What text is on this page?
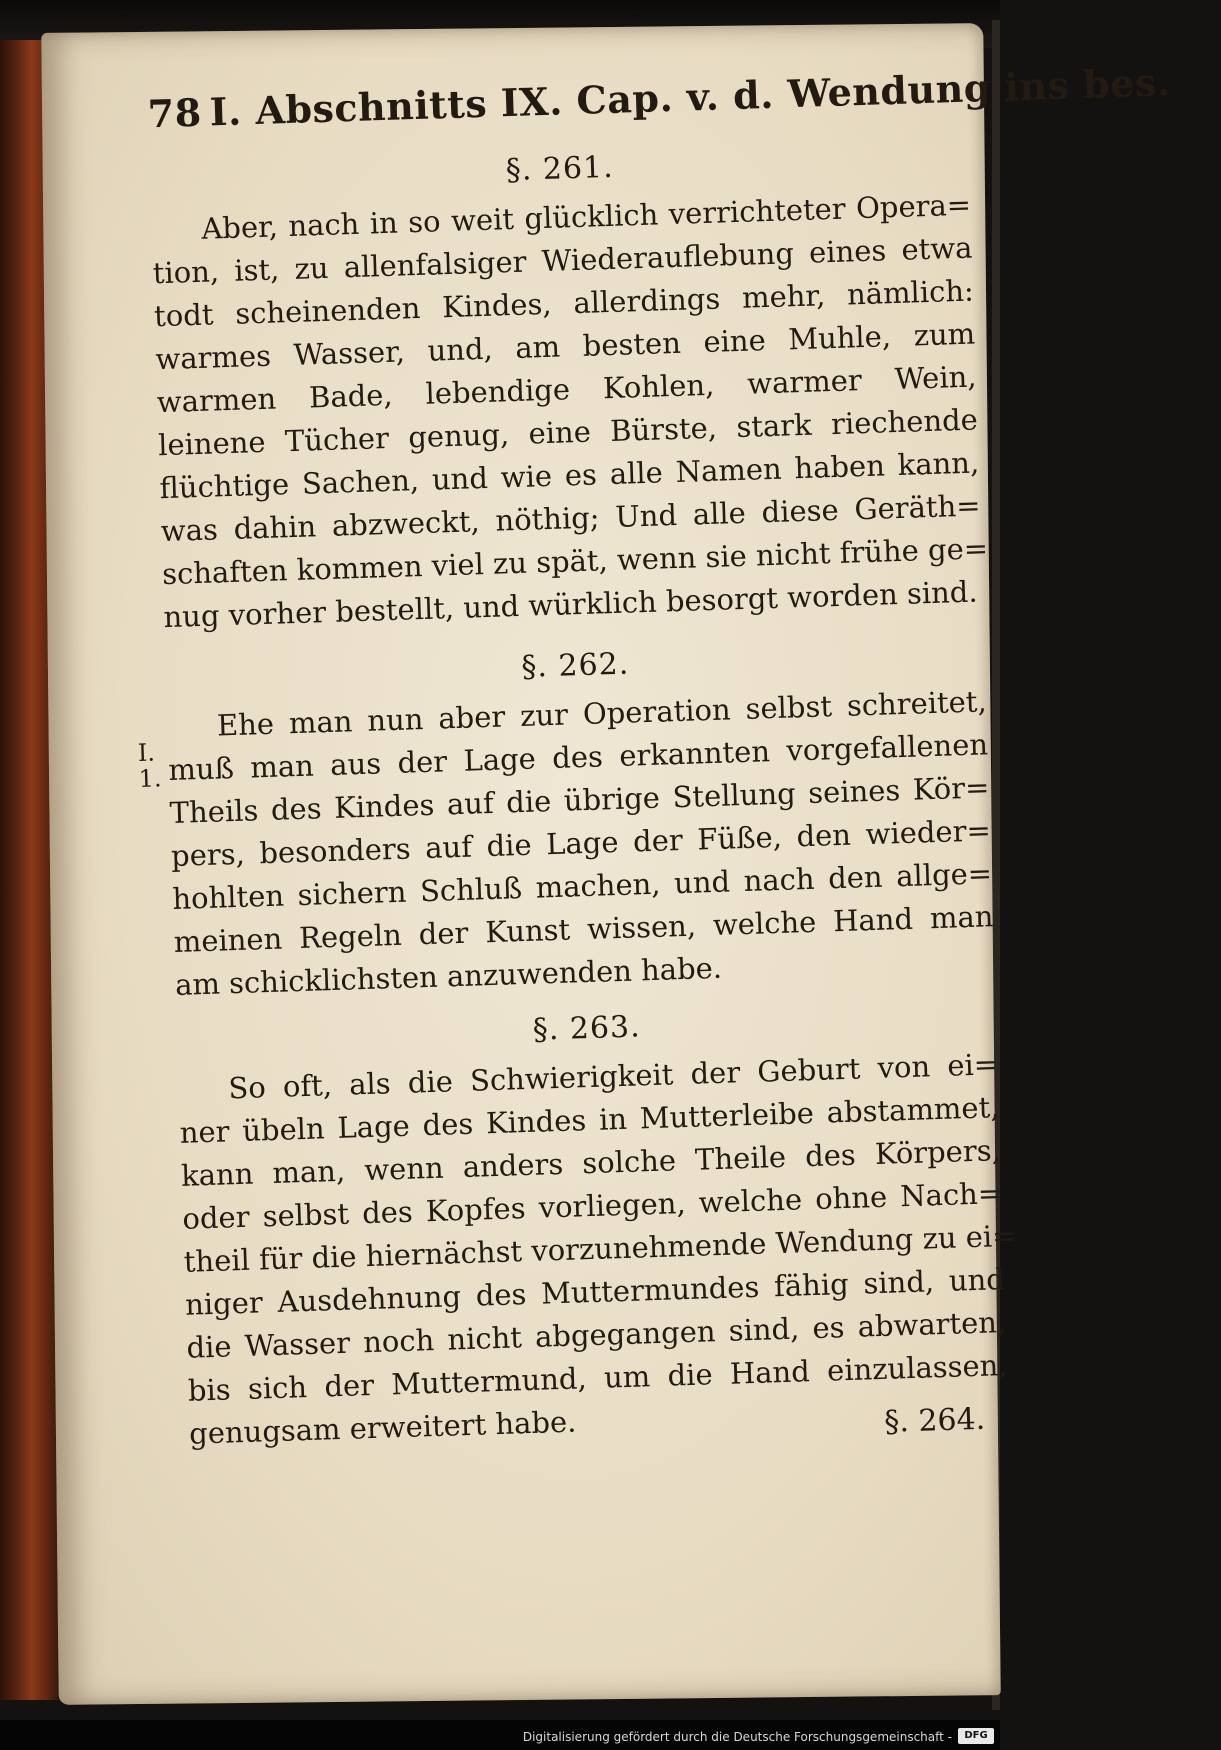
78 I. Abschnitts IX. Cap. v. d. Wendung ins bes.
§. 261.
Aber, nach in so weit glücklich verrichteter Opera=
tion, ist, zu allenfalsiger Wiederauflebung eines etwa
todt scheinenden Kindes, allerdings mehr, nämlich:
warmes Wasser, und, am besten eine Muhle, zum
warmen Bade, lebendige Kohlen, warmer Wein,
leinene Tücher genug, eine Bürste, stark riechende
flüchtige Sachen, und wie es alle Namen haben kann,
was dahin abzweckt, nöthig; Und alle diese Geräth=
schaften kommen viel zu spät, wenn sie nicht frühe ge=
nug vorher bestellt, und würklich besorgt worden sind.
I.
1.
§. 262.
Ehe man nun aber zur Operation selbst schreitet,
muß man aus der Lage des erkannten vorgefallenen
Theils des Kindes auf die übrige Stellung seines Kör=
pers, besonders auf die Lage der Füße, den wieder=
hohlten sichern Schluß machen, und nach den allge=
meinen Regeln der Kunst wissen, welche Hand man
am schicklichsten anzuwenden habe.
§. 263.
So oft, als die Schwierigkeit der Geburt von ei=
ner übeln Lage des Kindes in Mutterleibe abstammet,
kann man, wenn anders solche Theile des Körpers,
oder selbst des Kopfes vorliegen, welche ohne Nach=
theil für die hiernächst vorzunehmende Wendung zu ei=
niger Ausdehnung des Muttermundes fähig sind, und
die Wasser noch nicht abgegangen sind, es abwarten,
bis sich der Muttermund, um die Hand einzulassen,
genugsam erweitert habe.	§. 264.
Digitalisierung gefördert durch die Deutsche Forschungsgemeinschaft -	DFG
